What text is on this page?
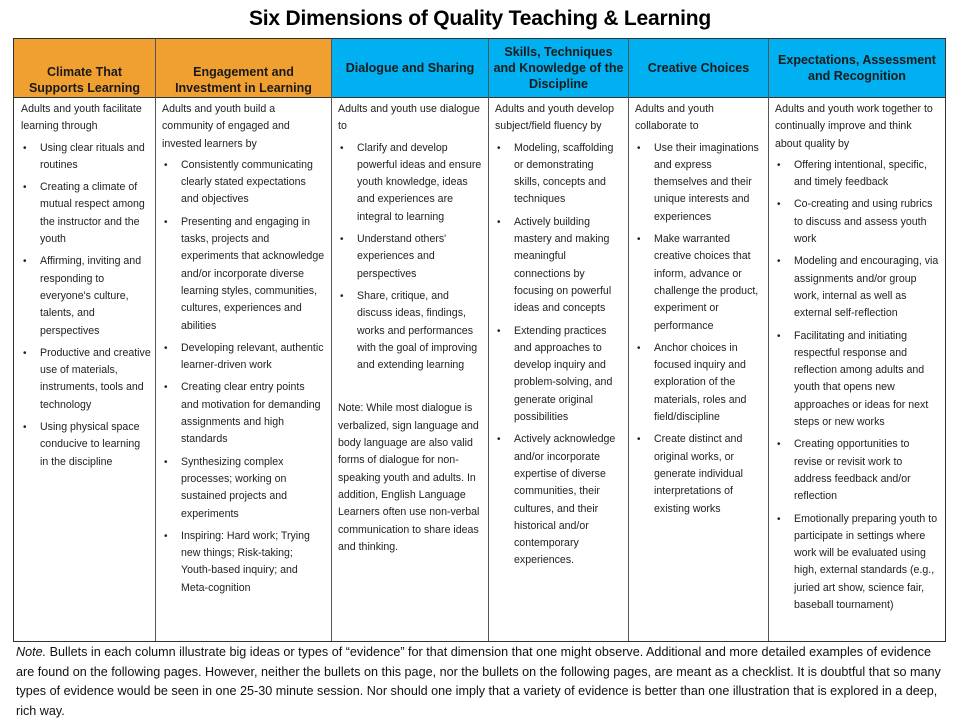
Six Dimensions of Quality Teaching & Learning
Climate That Supports Learning

Adults and youth facilitate learning through

• Using clear rituals and routines
• Creating a climate of mutual respect among the instructor and the youth
• Affirming, inviting and responding to everyone's culture, talents, and perspectives
• Productive and creative use of materials, instruments, tools and technology
• Using physical space conducive to learning in the discipline
Engagement and Investment in Learning

Adults and youth build a community of engaged and invested learners by

• Consistently communicating clearly stated expectations and objectives
• Presenting and engaging in tasks, projects and experiments that acknowledge and/or incorporate diverse learning styles, communities, cultures, experiences and abilities
• Developing relevant, authentic learner-driven work
• Creating clear entry points and motivation for demanding assignments and high standards
• Synthesizing complex processes; working on sustained projects and experiments
• Inspiring: Hard work; Trying new things; Risk-taking; Youth-based inquiry; and Meta-cognition
Dialogue and Sharing

Adults and youth use dialogue to

• Clarify and develop powerful ideas and ensure youth knowledge, ideas and experiences are integral to learning
• Understand others' experiences and perspectives
• Share, critique, and discuss ideas, findings, works and performances with the goal of improving and extending learning

Note: While most dialogue is verbalized, sign language and body language are also valid forms of dialogue for non-speaking youth and adults. In addition, English Language Learners often use non-verbal communication to share ideas and thinking.

Skills, Techniques and Knowledge of the Discipline

Adults and youth develop subject/field fluency by

• Modeling, scaffolding or demonstrating skills, concepts and techniques
• Actively building mastery and making meaningful connections by focusing on powerful ideas and concepts
• Extending practices and approaches to develop inquiry and problem-solving, and generate original possibilities
• Actively acknowledge and/or incorporate expertise of diverse communities, their cultures, and their historical and/or contemporary experiences.
Creative Choices

Adults and youth collaborate to

• Use their imaginations and express themselves and their unique interests and experiences
• Make warranted creative choices that inform, advance or challenge the product, experiment or performance
• Anchor choices in focused inquiry and exploration of the materials, roles and field/discipline
• Create distinct and original works, or generate individual interpretations of existing works
Expectations, Assessment and Recognition

Adults and youth work together to continually improve and think about quality by

• Offering intentional, specific, and timely feedback
• Co-creating and using rubrics to discuss and assess youth work
• Modeling and encouraging, via assignments and/or group work, internal as well as external self-reflection
• Facilitating and initiating respectful response and reflection among adults and youth that opens new approaches or ideas for next steps or new works
• Creating opportunities to revise or revisit work to address feedback and/or reflection
• Emotionally preparing youth to participate in settings where work will be evaluated using high, external standards (e.g., juried art show, science fair, baseball tournament)
Note. Bullets in each column illustrate big ideas or types of “evidence” for that dimension that one might observe. Additional and more detailed examples of evidence are found on the following pages. However, neither the bullets on this page, nor the bullets on the following pages, are meant as a checklist. It is doubtful that so many types of evidence would be seen in one 25-30 minute session. Nor should one imply that a variety of evidence is better than one illustration that is explored in a deep, rich way.
